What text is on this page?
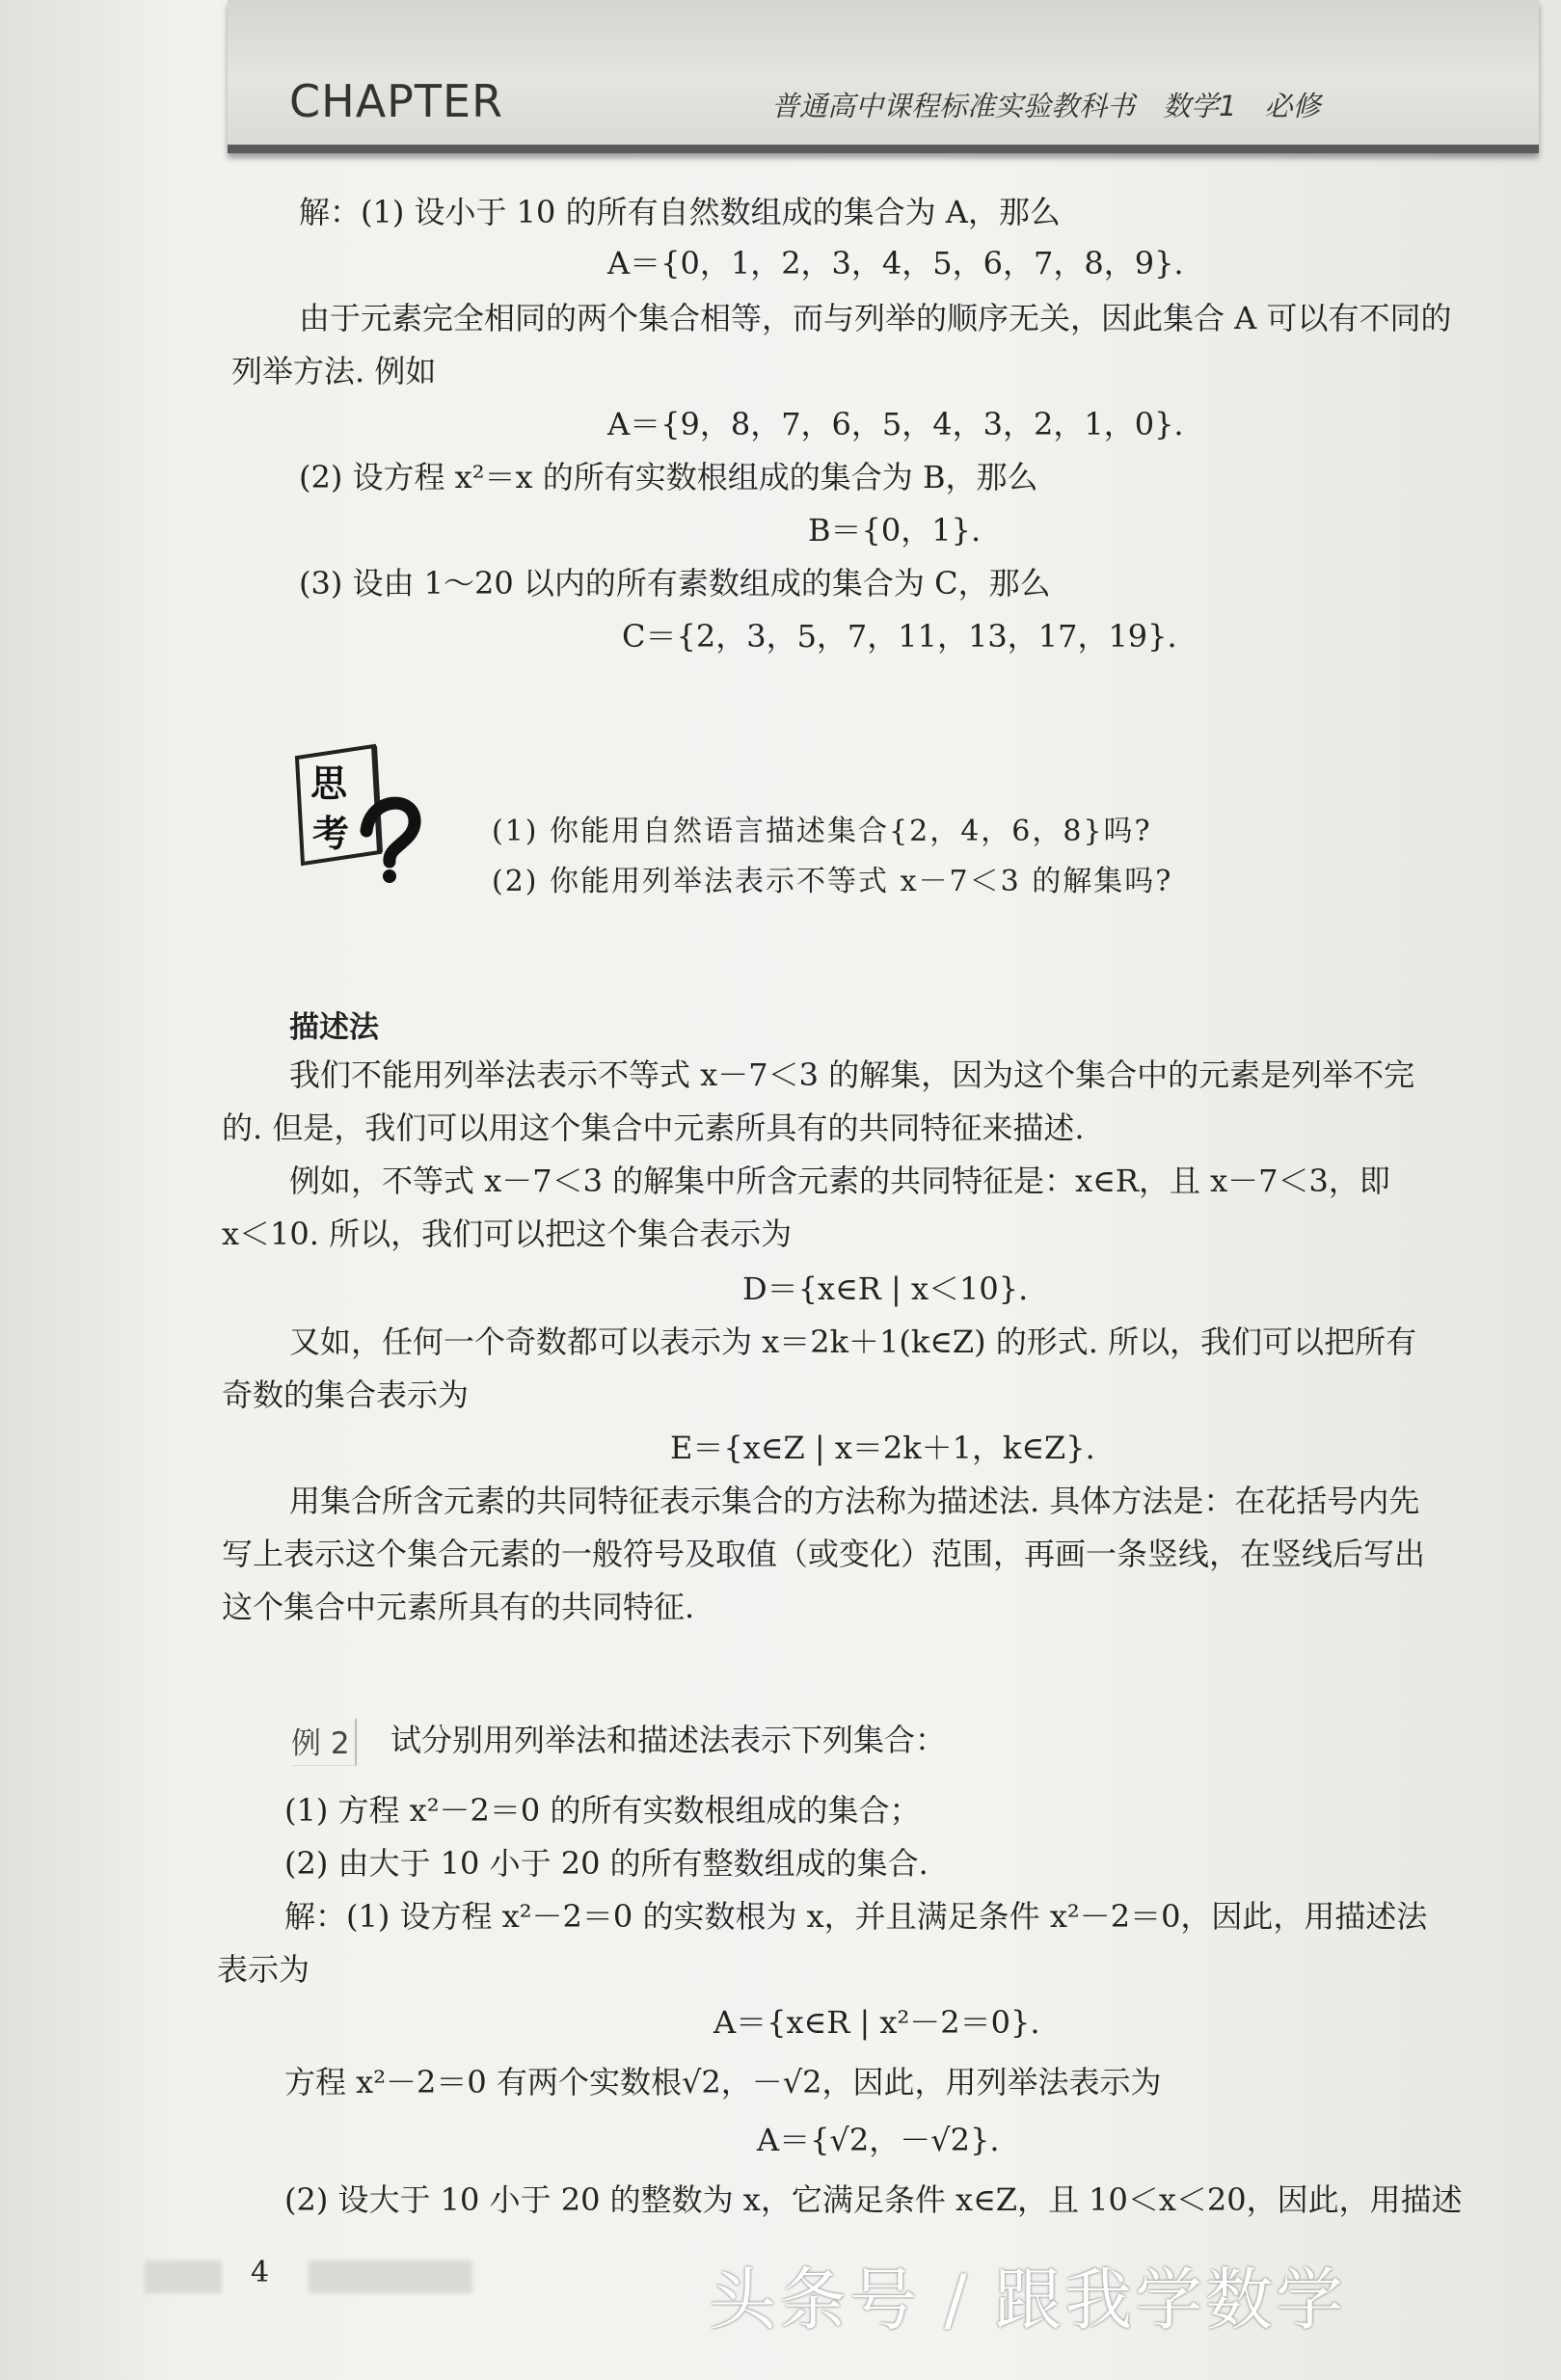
CHAPTER	普通高中课程标准实验教科书　数学1　必修
解：(1) 设小于 10 的所有自然数组成的集合为 A，那么
A＝{0，1，2，3，4，5，6，7，8，9}.
由于元素完全相同的两个集合相等，而与列举的顺序无关，因此集合 A 可以有不同的
列举方法. 例如
A＝{9，8，7，6，5，4，3，2，1，0}.
(2) 设方程 x²＝x 的所有实数根组成的集合为 B，那么
B＝{0，1}.
(3) 设由 1～20 以内的所有素数组成的集合为 C，那么
C＝{2，3，5，7，11，13，17，19}.
思
考	(1) 你能用自然语言描述集合{2，4，6，8}吗?
(2) 你能用列举法表示不等式 x－7＜3 的解集吗?
描述法
我们不能用列举法表示不等式 x－7＜3 的解集，因为这个集合中的元素是列举不完
的. 但是，我们可以用这个集合中元素所具有的共同特征来描述.
例如，不等式 x－7＜3 的解集中所含元素的共同特征是：x∈R，且 x－7＜3，即
x＜10. 所以，我们可以把这个集合表示为
D＝{x∈R | x＜10}.
又如，任何一个奇数都可以表示为 x＝2k＋1(k∈Z) 的形式. 所以，我们可以把所有
奇数的集合表示为
E＝{x∈Z | x＝2k＋1，k∈Z}.
用集合所含元素的共同特征表示集合的方法称为描述法. 具体方法是：在花括号内先
写上表示这个集合元素的一般符号及取值（或变化）范围，再画一条竖线，在竖线后写出
这个集合中元素所具有的共同特征.
例 2 试分别用列举法和描述法表示下列集合：
(1) 方程 x²－2＝0 的所有实数根组成的集合；
(2) 由大于 10 小于 20 的所有整数组成的集合.
解：(1) 设方程 x²－2＝0 的实数根为 x，并且满足条件 x²－2＝0，因此，用描述法
表示为
A＝{x∈R | x²－2＝0}.
方程 x²－2＝0 有两个实数根√2，－√2，因此，用列举法表示为
A＝{√2，－√2}.
(2) 设大于 10 小于 20 的整数为 x，它满足条件 x∈Z，且 10＜x＜20，因此，用描述
4	头条号 / 跟我学数学
